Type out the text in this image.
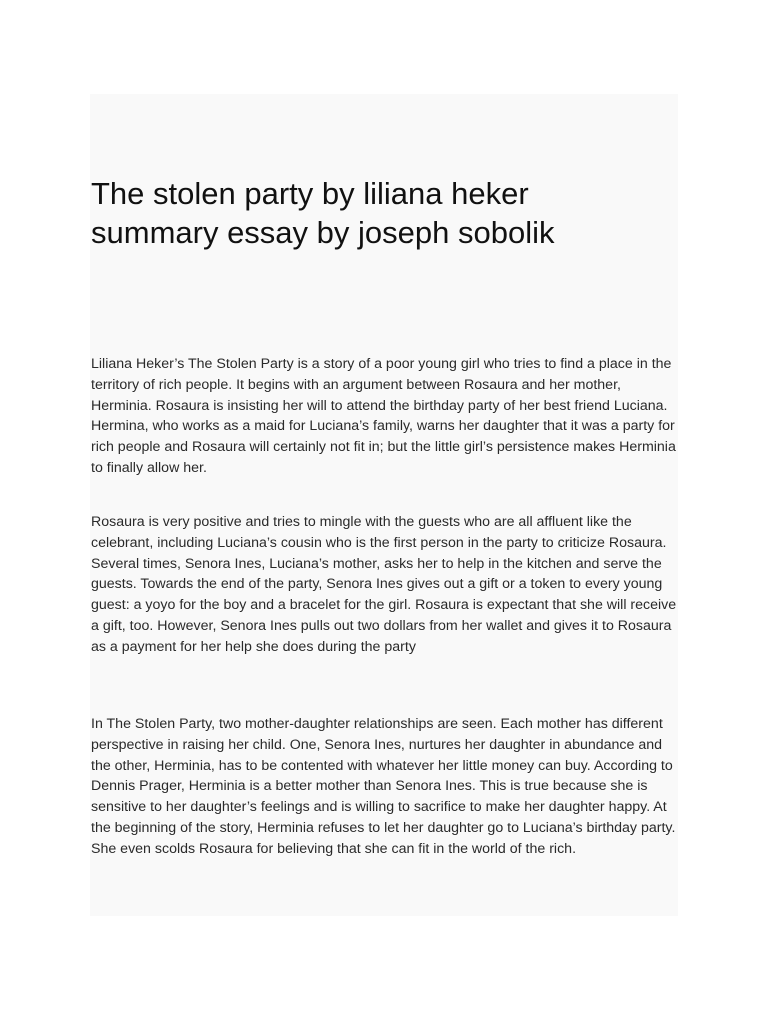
The stolen party by liliana heker
summary essay by joseph sobolik

Liliana Heker’s The Stolen Party is a story of a poor young girl who tries to find a place in the territory of rich people. It begins with an argument between Rosaura and her mother, Herminia. Rosaura is insisting her will to attend the birthday party of her best friend Luciana. Hermina, who works as a maid for Luciana’s family, warns her daughter that it was a party for rich people and Rosaura will certainly not fit in; but the little girl’s persistence makes Herminia to finally allow her.

Rosaura is very positive and tries to mingle with the guests who are all affluent like the celebrant, including Luciana’s cousin who is the first person in the party to criticize Rosaura. Several times, Senora Ines, Luciana’s mother, asks her to help in the kitchen and serve the guests. Towards the end of the party, Senora Ines gives out a gift or a token to every young guest: a yoyo for the boy and a bracelet for the girl. Rosaura is expectant that she will receive a gift, too. However, Senora Ines pulls out two dollars from her wallet and gives it to Rosaura as a payment for her help she does during the party

In The Stolen Party, two mother-daughter relationships are seen. Each mother has different perspective in raising her child. One, Senora Ines, nurtures her daughter in abundance and the other, Herminia, has to be contented with whatever her little money can buy. According to Dennis Prager, Herminia is a better mother than Senora Ines. This is true because she is sensitive to her daughter’s feelings and is willing to sacrifice to make her daughter happy. At the beginning of the story, Herminia refuses to let her daughter go to Luciana’s birthday party. She even scolds Rosaura for believing that she can fit in the world of the rich.
